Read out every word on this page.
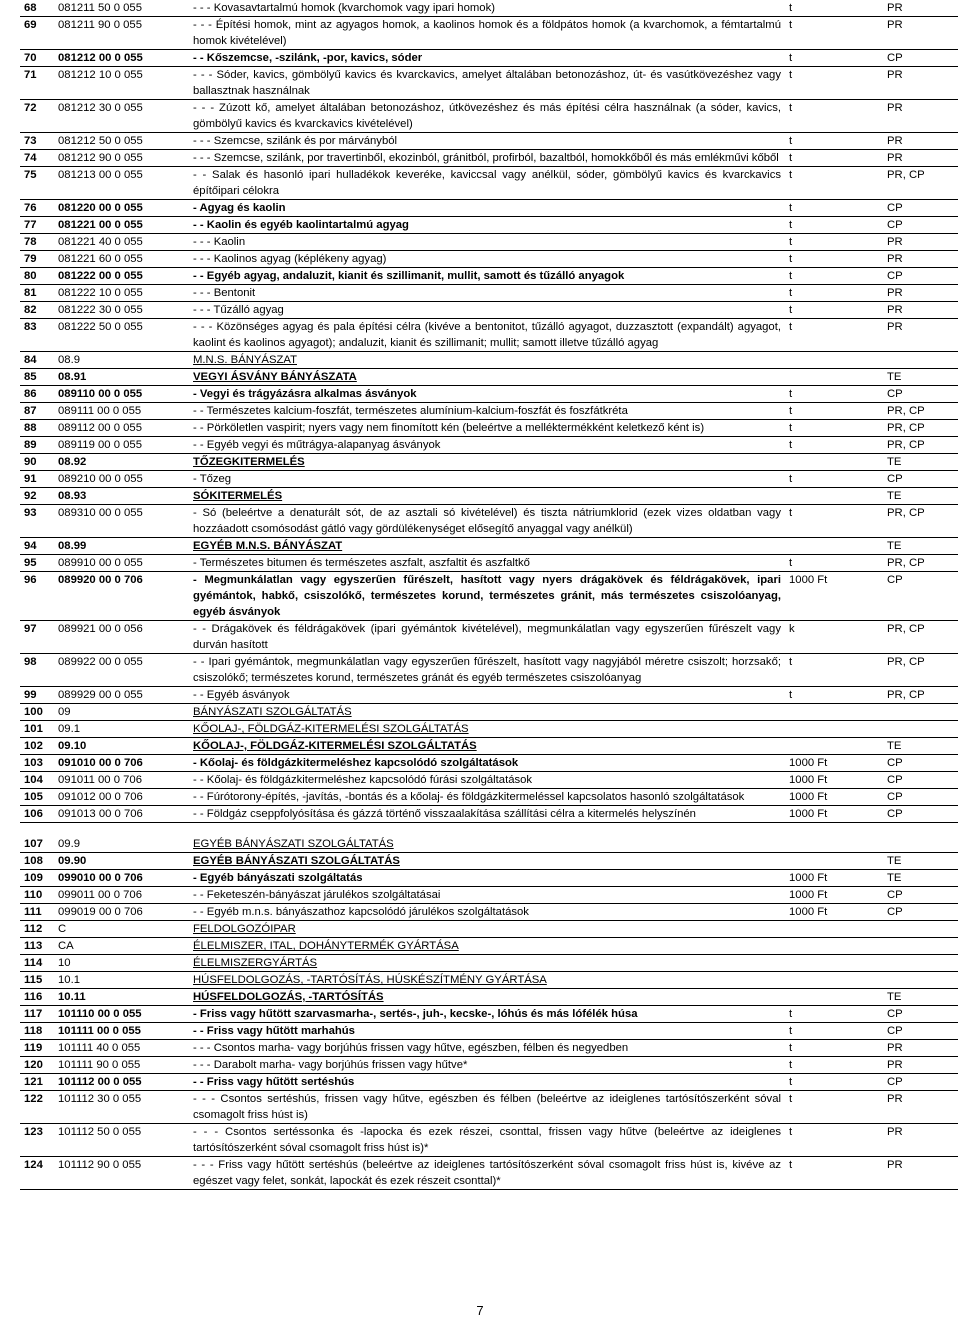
68	081211 50 0 055	- - - Kovasavtartalmú homok (kvarchomok vagy ipari homok)	t	PR
69	081211 90 0 055	- - - Építési homok, mint az agyagos homok, a kaolinos homok és a földpátos homok (a kvarchomok, a fémtartalmú homok kivételével)	t	PR
70	081212 00 0 055	- - Kőszemcse, -szilánk, -por, kavics, sóder	t	CP
71	081212 10 0 055	- - - Sóder, kavics, gömbölyű kavics és kvarckavics, amelyet általában betonozáshoz, út- és vasútkövezéshez vagy ballasztnak használnak	t	PR
72	081212 30 0 055	- - - Zúzott kő, amelyet általában betonozáshoz, útkövezéshez és más építési célra használnak (a sóder, kavics, gömbölyű kavics és kvarckavics kivételével)	t	PR
73	081212 50 0 055	- - - Szemcse, szilánk és por márványból	t	PR
74	081212 90 0 055	- - - Szemcse, szilánk, por travertinből, ekozinból, gránitból, profirból, bazaltból, homokkőből és más emlékművi kőből	t	PR
75	081213 00 0 055	- - Salak és hasonló ipari hulladékok keveréke, kaviccsal vagy anélkül, sóder, gömbölyű kavics és kvarckavics építőipari célokra	t	PR, CP
76	081220 00 0 055	- Agyag és kaolin	t	CP
77	081221 00 0 055	- - Kaolin és egyéb kaolintartalmú agyag	t	CP
78	081221 40 0 055	- - - Kaolin	t	PR
79	081221 60 0 055	- - - Kaolinos agyag (képlékeny agyag)	t	PR
80	081222 00 0 055	- - Egyéb agyag, andaluzit, kianit és szillimanit, mullit, samott és tűzálló anyagok	t	CP
81	081222 10 0 055	- - - Bentonit	t	PR
82	081222 30 0 055	- - - Tűzálló agyag	t	PR
83	081222 50 0 055	- - - Közönséges agyag és pala építési célra (kivéve a bentonitot, tűzálló agyagot, duzzasztott (expandált) agyagot, kaolint és kaolinos agyagot); andaluzit, kianit és szillimanit; mullit; samott illetve tűzálló agyag	t	PR
84	08.9	M.N.S. BÁNYÁSZAT		
85	08.91	VEGYI ÁSVÁNY BÁNYÁSZATA		TE
86	089110 00 0 055	- Vegyi és trágyázásra alkalmas ásványok	t	CP
87	089111 00 0 055	- - Természetes kalcium-foszfát, természetes alumínium-kalcium-foszfát és foszfátkréta	t	PR, CP
88	089112 00 0 055	- - Pörköletlen vaspirit; nyers vagy nem finomított kén (beleértve a melléktermékként keletkező ként is)	t	PR, CP
89	089119 00 0 055	- - Egyéb vegyi és műtrágya-alapanyag ásványok	t	PR, CP
90	08.92	TŐZEGKITERMELÉS		TE
91	089210 00 0 055	- Tőzeg	t	CP
92	08.93	SÓKITERMELÉS		TE
93	089310 00 0 055	- Só (beleértve a denaturált sót, de az asztali só kivételével) és tiszta nátriumklorid (ezek vizes oldatban vagy hozzáadott csomósodást gátló vagy gördülékenységet elősegítő anyaggal vagy anélkül)	t	PR, CP
94	08.99	EGYÉB M.N.S. BÁNYÁSZAT		TE
95	089910 00 0 055	- Természetes bitumen és természetes aszfalt, aszfaltit és aszfaltkő	t	PR, CP
96	089920 00 0 706	- Megmunkálatlan vagy egyszerűen fűrészelt, hasított vagy nyers drágakövek és féldrágakövek, ipari gyémántok, habkő, csiszolókő, természetes korund, természetes gránit, más természetes csiszolóanyag, egyéb ásványok	1000 Ft	CP
97	089921 00 0 056	- - Drágakövek és féldrágakövek (ipari gyémántok kivételével), megmunkálatlan vagy egyszerűen fűrészelt vagy durván hasított	k	PR, CP
98	089922 00 0 055	- - Ipari gyémántok, megmunkálatlan vagy egyszerűen fűrészelt, hasított vagy nagyjából méretre csiszolt; horzsakő; csiszolókő; természetes korund, természetes gránát és egyéb természetes csiszolóanyag	t	PR, CP
99	089929 00 0 055	- - Egyéb ásványok	t	PR, CP
100	09	BÁNYÁSZATI SZOLGÁLTATÁS		
101	09.1	KŐOLAJ-, FÖLDGÁZ-KITERMELÉSI SZOLGÁLTATÁS		
102	09.10	KŐOLAJ-, FÖLDGÁZ-KITERMELÉSI SZOLGÁLTATÁS		TE
103	091010 00 0 706	- Kőolaj- és földgázkitermeléshez kapcsolódó szolgáltatások	1000 Ft	CP
104	091011 00 0 706	- - Kőolaj- és földgázkitermeléshez kapcsolódó fúrási szolgáltatások	1000 Ft	CP
105	091012 00 0 706	- - Fúrótorony-építés, -javítás, -bontás és a kőolaj- és földgázkitermeléssel kapcsolatos hasonló szolgáltatások	1000 Ft	CP
106	091013 00 0 706	- - Földgáz cseppfolyósítása és gázzá történő visszaalakítása szállítási célra a kitermelés helyszínén	1000 Ft	CP
107	09.9	EGYÉB BÁNYÁSZATI SZOLGÁLTATÁS		
108	09.90	EGYÉB BÁNYÁSZATI SZOLGÁLTATÁS		TE
109	099010 00 0 706	- Egyéb bányászati szolgáltatás	1000 Ft	TE
110	099011 00 0 706	- - Feketeszén-bányászat járulékos szolgáltatásai	1000 Ft	CP
111	099019 00 0 706	- - Egyéb m.n.s. bányászathoz kapcsolódó járulékos szolgáltatások	1000 Ft	CP
112	C	FELDOLGOZÓIPAR		
113	CA	ÉLELMISZER, ITAL, DOHÁNYTERMÉK GYÁRTÁSA		
114	10	ÉLELMISZERGYÁRTÁS		
115	10.1	HÚSFELDOLGOZÁS, -TARTÓSÍTÁS, HÚSKÉSZÍTMÉNY GYÁRTÁSA		
116	10.11	HÚSFELDOLGOZÁS, -TARTÓSÍTÁS		TE
117	101110 00 0 055	- Friss vagy hűtött szarvasmarha-, sertés-, juh-, kecske-, lóhús és más lófélék húsa	t	CP
118	101111 00 0 055	- - Friss vagy hűtött marhahús	t	CP
119	101111 40 0 055	- - - Csontos marha- vagy borjúhús frissen vagy hűtve, egészben, félben és negyedben	t	PR
120	101111 90 0 055	- - - Darabolt marha- vagy borjúhús frissen vagy hűtve*	t	PR
121	101112 00 0 055	- - Friss vagy hűtött sertéshús	t	CP
122	101112 30 0 055	- - - Csontos sertéshús, frissen vagy hűtve, egészben és félben (beleértve az ideiglenes tartósítószerként sóval csomagolt friss húst is)	t	PR
123	101112 50 0 055	- - - Csontos sertéssonka és -lapocka és ezek részei, csonttal, frissen vagy hűtve (beleértve az ideiglenes tartósítószerként sóval csomagolt friss húst is)*	t	PR
124	101112 90 0 055	- - - Friss vagy hűtött sertéshús (beleértve az ideiglenes tartósítószerként sóval csomagolt friss húst is, kivéve az egészet vagy felet, sonkát, lapockát és ezek részeit csonttal)*	t	PR
7
